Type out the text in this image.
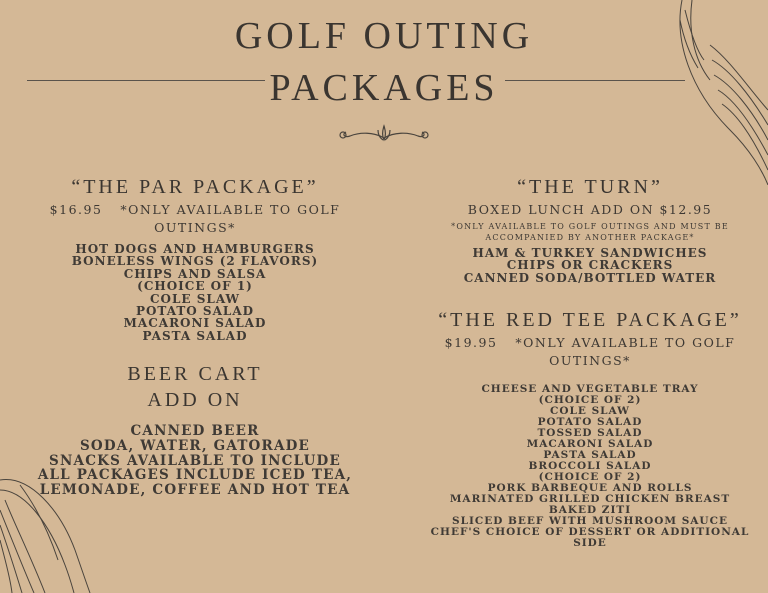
GOLF OUTING
PACKAGES
“THE PAR PACKAGE”
$16.95 *ONLY AVAILABLE TO GOLF OUTINGS*
HOT DOGS AND HAMBURGERS
BONELESS WINGS (2 FLAVORS)
CHIPS AND SALSA
(CHOICE OF 1)
COLE SLAW
POTATO SALAD
MACARONI SALAD
PASTA SALAD
BEER CART
ADD ON
CANNED BEER
SODA, WATER, GATORADE
SNACKS AVAILABLE TO INCLUDE
ALL PACKAGES INCLUDE ICED TEA,
LEMONADE, COFFEE AND HOT TEA
“THE TURN”
BOXED LUNCH ADD ON $12.95
*ONLY AVAILABLE TO GOLF OUTINGS AND MUST BE ACCOMPANIED BY ANOTHER PACKAGE*
HAM & TURKEY SANDWICHES
CHIPS OR CRACKERS
CANNED SODA/BOTTLED WATER
“THE RED TEE PACKAGE”
$19.95 *ONLY AVAILABLE TO GOLF OUTINGS*
CHEESE AND VEGETABLE TRAY
(CHOICE OF 2)
COLE SLAW
POTATO SALAD
TOSSED SALAD
MACARONI SALAD
PASTA SALAD
BROCCOLI SALAD
(CHOICE OF 2)
PORK BARBEQUE AND ROLLS
MARINATED GRILLED CHICKEN BREAST
BAKED ZITI
SLICED BEEF WITH MUSHROOM SAUCE
CHEF'S CHOICE OF DESSERT OR ADDITIONAL SIDE
